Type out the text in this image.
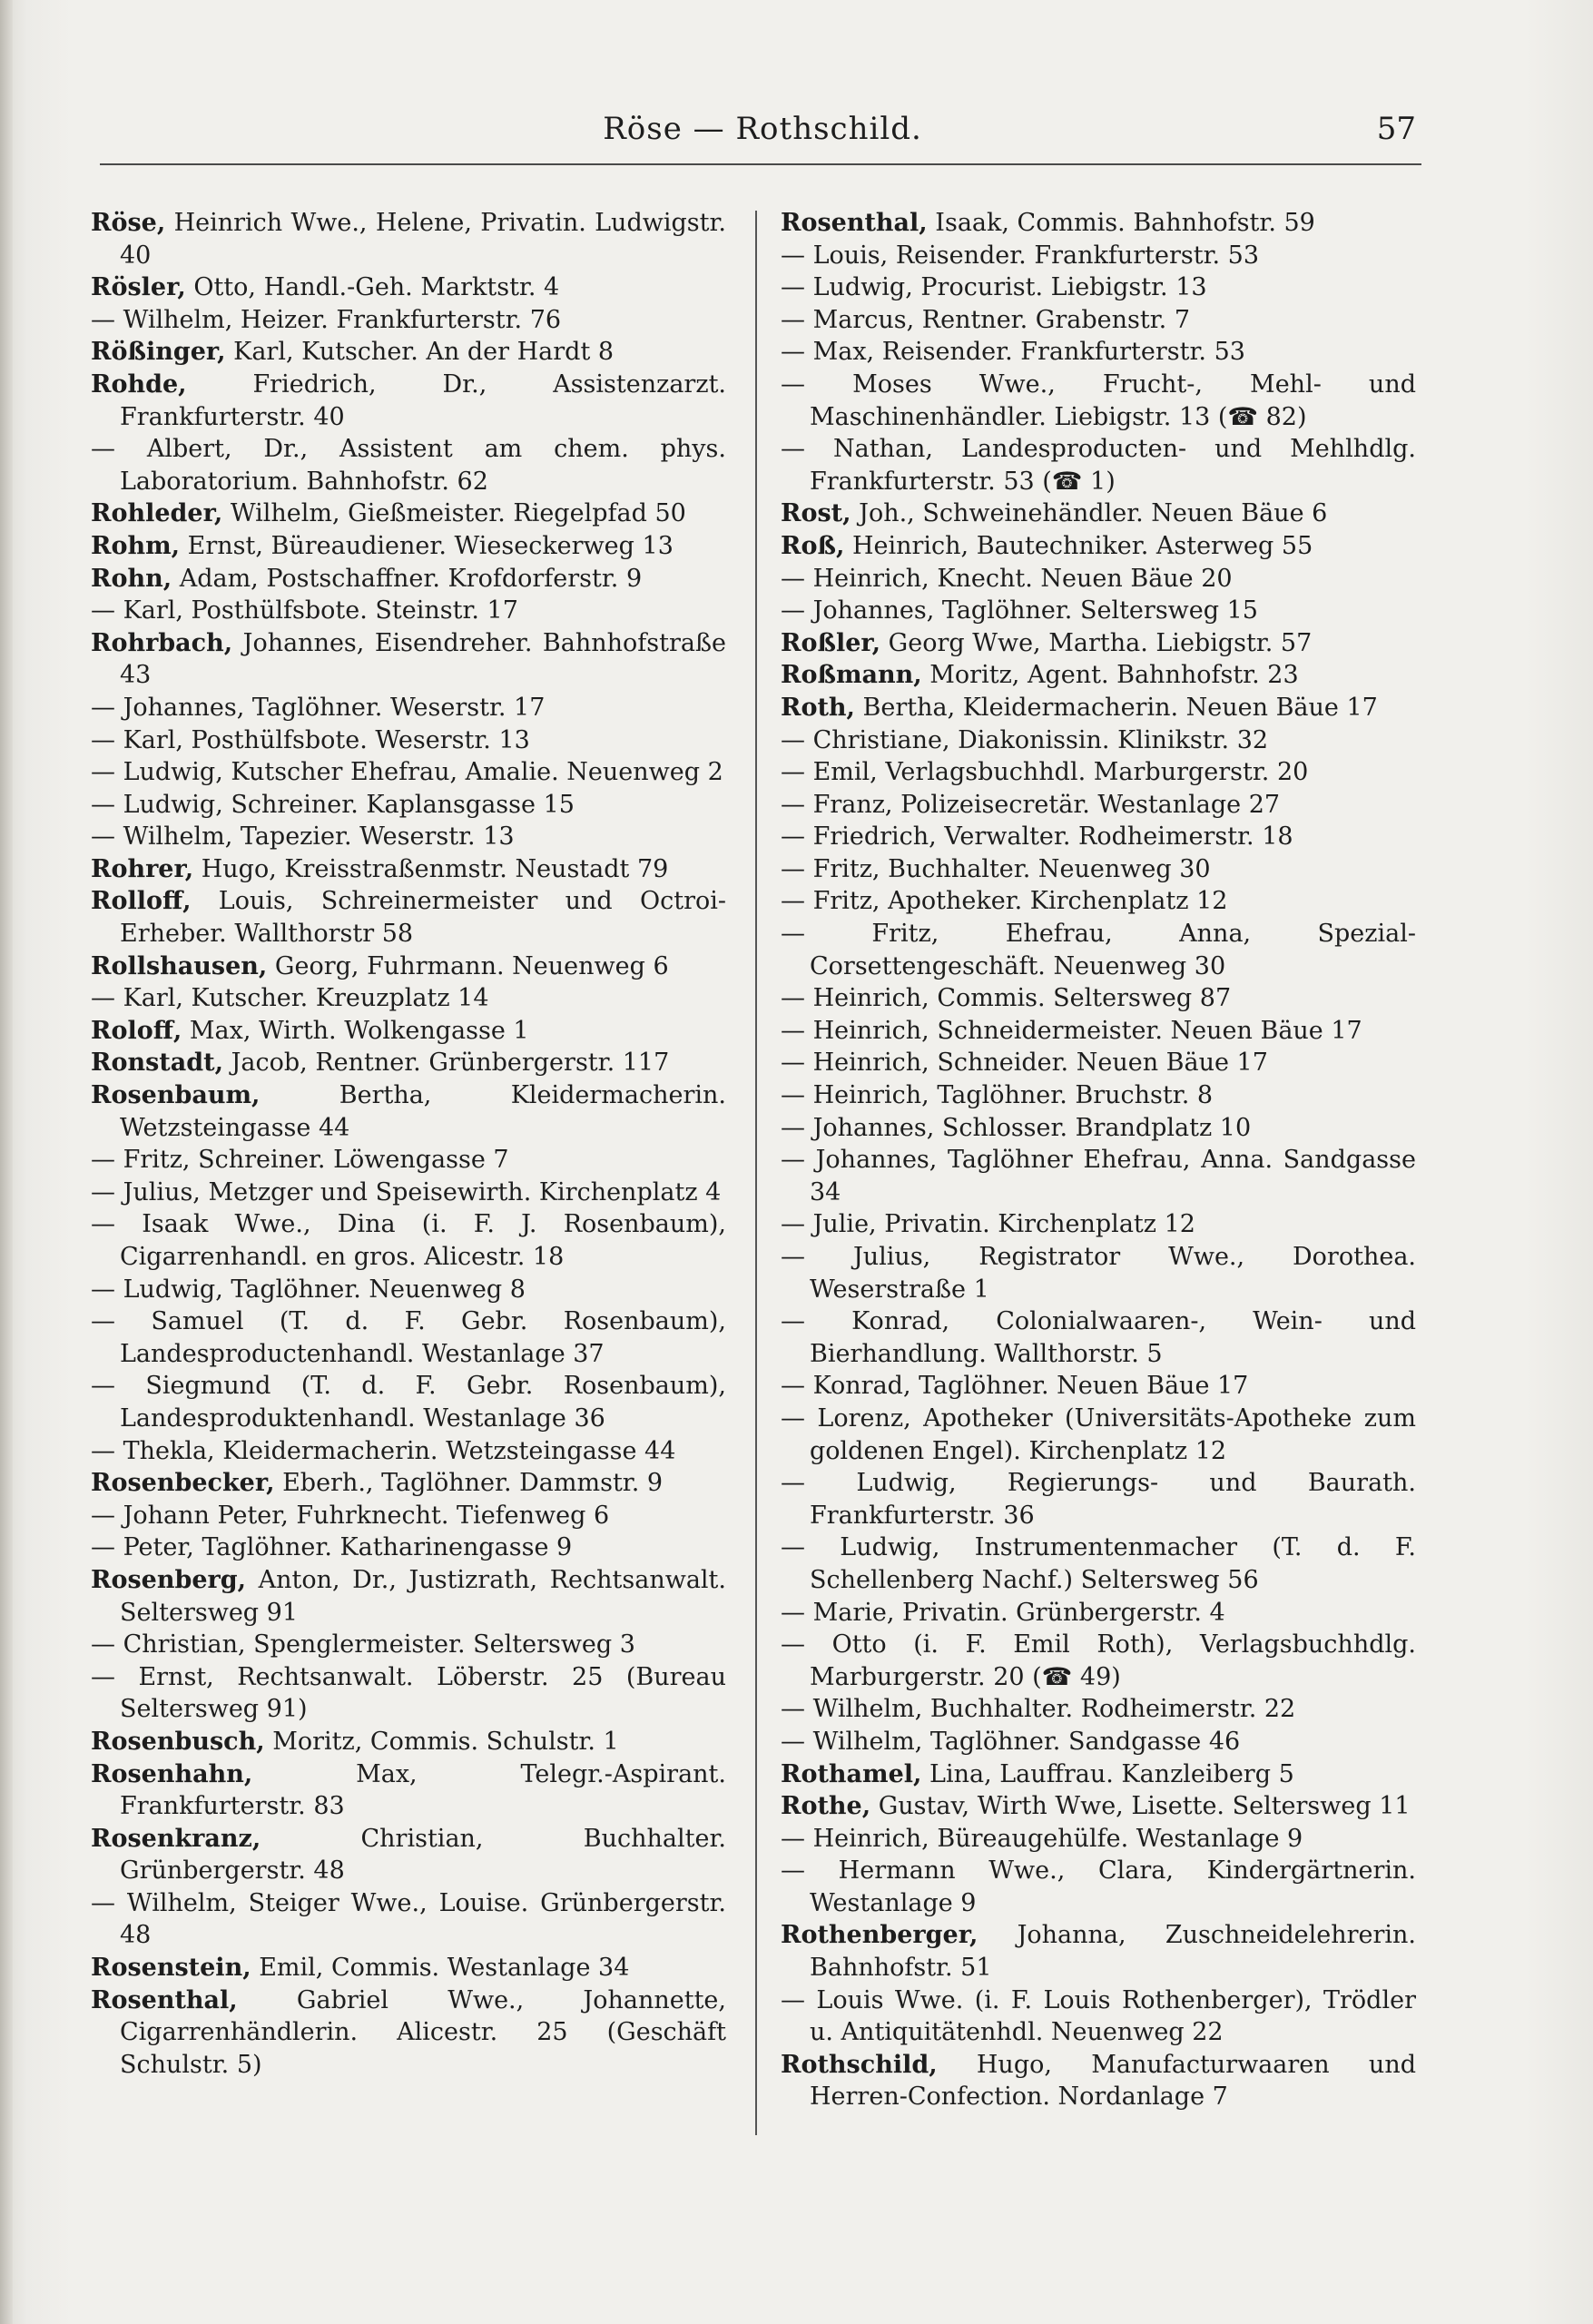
Röse — Rothschild.	57

Röse, Heinrich Wwe., Helene, Privatin. Ludwigstr. 40

Rösler, Otto, Handl.-Geh. Marktstr. 4

— Wilhelm, Heizer. Frankfurterstr. 76

Rößinger, Karl, Kutscher. An der Hardt 8

Rohde, Friedrich, Dr., Assistenzarzt. Frankfurterstr. 40

— Albert, Dr., Assistent am chem. phys. Laboratorium. Bahnhofstr. 62

Rohleder, Wilhelm, Gießmeister. Riegelpfad 50

Rohm, Ernst, Büreaudiener. Wieseckerweg 13

Rohn, Adam, Postschaffner. Krofdorferstr. 9

— Karl, Posthülfsbote. Steinstr. 17

Rohrbach, Johannes, Eisendreher. Bahnhofstraße 43

— Johannes, Taglöhner. Weserstr. 17

— Karl, Posthülfsbote. Weserstr. 13

— Ludwig, Kutscher Ehefrau, Amalie. Neuenweg 2

— Ludwig, Schreiner. Kaplansgasse 15

— Wilhelm, Tapezier. Weserstr. 13

Rohrer, Hugo, Kreisstraßenmstr. Neustadt 79

Rolloff, Louis, Schreinermeister und Octroi-Erheber. Wallthorstr 58

Rollshausen, Georg, Fuhrmann. Neuenweg 6

— Karl, Kutscher. Kreuzplatz 14

Roloff, Max, Wirth. Wolkengasse 1

Ronstadt, Jacob, Rentner. Grünbergerstr. 117

Rosenbaum, Bertha, Kleidermacherin. Wetzsteingasse 44

— Fritz, Schreiner. Löwengasse 7

— Julius, Metzger und Speisewirth. Kirchenplatz 4

— Isaak Wwe., Dina (i. F. J. Rosenbaum), Cigarrenhandl. en gros. Alicestr. 18

— Ludwig, Taglöhner. Neuenweg 8

— Samuel (T. d. F. Gebr. Rosenbaum), Landesproductenhandl. Westanlage 37

— Siegmund (T. d. F. Gebr. Rosenbaum), Landesproduktenhandl. Westanlage 36

— Thekla, Kleidermacherin. Wetzsteingasse 44

Rosenbecker, Eberh., Taglöhner. Dammstr. 9

— Johann Peter, Fuhrknecht. Tiefenweg 6

— Peter, Taglöhner. Katharinengasse 9

Rosenberg, Anton, Dr., Justizrath, Rechtsanwalt. Seltersweg 91

— Christian, Spenglermeister. Seltersweg 3

— Ernst, Rechtsanwalt. Löberstr. 25 (Bureau Seltersweg 91)

Rosenbusch, Moritz, Commis. Schulstr. 1

Rosenhahn, Max, Telegr.-Aspirant. Frankfurterstr. 83

Rosenkranz, Christian, Buchhalter. Grünbergerstr. 48

— Wilhelm, Steiger Wwe., Louise. Grünbergerstr. 48

Rosenstein, Emil, Commis. Westanlage 34

Rosenthal, Gabriel Wwe., Johannette, Cigarrenhändlerin. Alicestr. 25 (Geschäft Schulstr. 5)

Rosenthal, Isaak, Commis. Bahnhofstr. 59

— Louis, Reisender. Frankfurterstr. 53

— Ludwig, Procurist. Liebigstr. 13

— Marcus, Rentner. Grabenstr. 7

— Max, Reisender. Frankfurterstr. 53

— Moses Wwe., Frucht-, Mehl- und Maschinenhändler. Liebigstr. 13 (☎ 82)

— Nathan, Landesproducten- und Mehlhdlg. Frankfurterstr. 53 (☎ 1)

Rost, Joh., Schweinehändler. Neuen Bäue 6

Roß, Heinrich, Bautechniker. Asterweg 55

— Heinrich, Knecht. Neuen Bäue 20

— Johannes, Taglöhner. Seltersweg 15

Roßler, Georg Wwe, Martha. Liebigstr. 57

Roßmann, Moritz, Agent. Bahnhofstr. 23

Roth, Bertha, Kleidermacherin. Neuen Bäue 17

— Christiane, Diakonissin. Klinikstr. 32

— Emil, Verlagsbuchhdl. Marburgerstr. 20

— Franz, Polizeisecretär. Westanlage 27

— Friedrich, Verwalter. Rodheimerstr. 18

— Fritz, Buchhalter. Neuenweg 30

— Fritz, Apotheker. Kirchenplatz 12

— Fritz, Ehefrau, Anna, Spezial-Corsettengeschäft. Neuenweg 30

— Heinrich, Commis. Seltersweg 87

— Heinrich, Schneidermeister. Neuen Bäue 17

— Heinrich, Schneider. Neuen Bäue 17

— Heinrich, Taglöhner. Bruchstr. 8

— Johannes, Schlosser. Brandplatz 10

— Johannes, Taglöhner Ehefrau, Anna. Sandgasse 34

— Julie, Privatin. Kirchenplatz 12

— Julius, Registrator Wwe., Dorothea. Weserstraße 1

— Konrad, Colonialwaaren-, Wein- und Bierhandlung. Wallthorstr. 5

— Konrad, Taglöhner. Neuen Bäue 17

— Lorenz, Apotheker (Universitäts-Apotheke zum goldenen Engel). Kirchenplatz 12

— Ludwig, Regierungs- und Baurath. Frankfurterstr. 36

— Ludwig, Instrumentenmacher (T. d. F. Schellenberg Nachf.) Seltersweg 56

— Marie, Privatin. Grünbergerstr. 4

— Otto (i. F. Emil Roth), Verlagsbuchhdlg. Marburgerstr. 20 (☎ 49)

— Wilhelm, Buchhalter. Rodheimerstr. 22

— Wilhelm, Taglöhner. Sandgasse 46

Rothamel, Lina, Lauffrau. Kanzleiberg 5

Rothe, Gustav, Wirth Wwe, Lisette. Seltersweg 11

— Heinrich, Büreaugehülfe. Westanlage 9

— Hermann Wwe., Clara, Kindergärtnerin. Westanlage 9

Rothenberger, Johanna, Zuschneidelehrerin. Bahnhofstr. 51

— Louis Wwe. (i. F. Louis Rothenberger), Trödler u. Antiquitätenhdl. Neuenweg 22

Rothschild, Hugo, Manufacturwaaren und Herren-Confection. Nordanlage 7
